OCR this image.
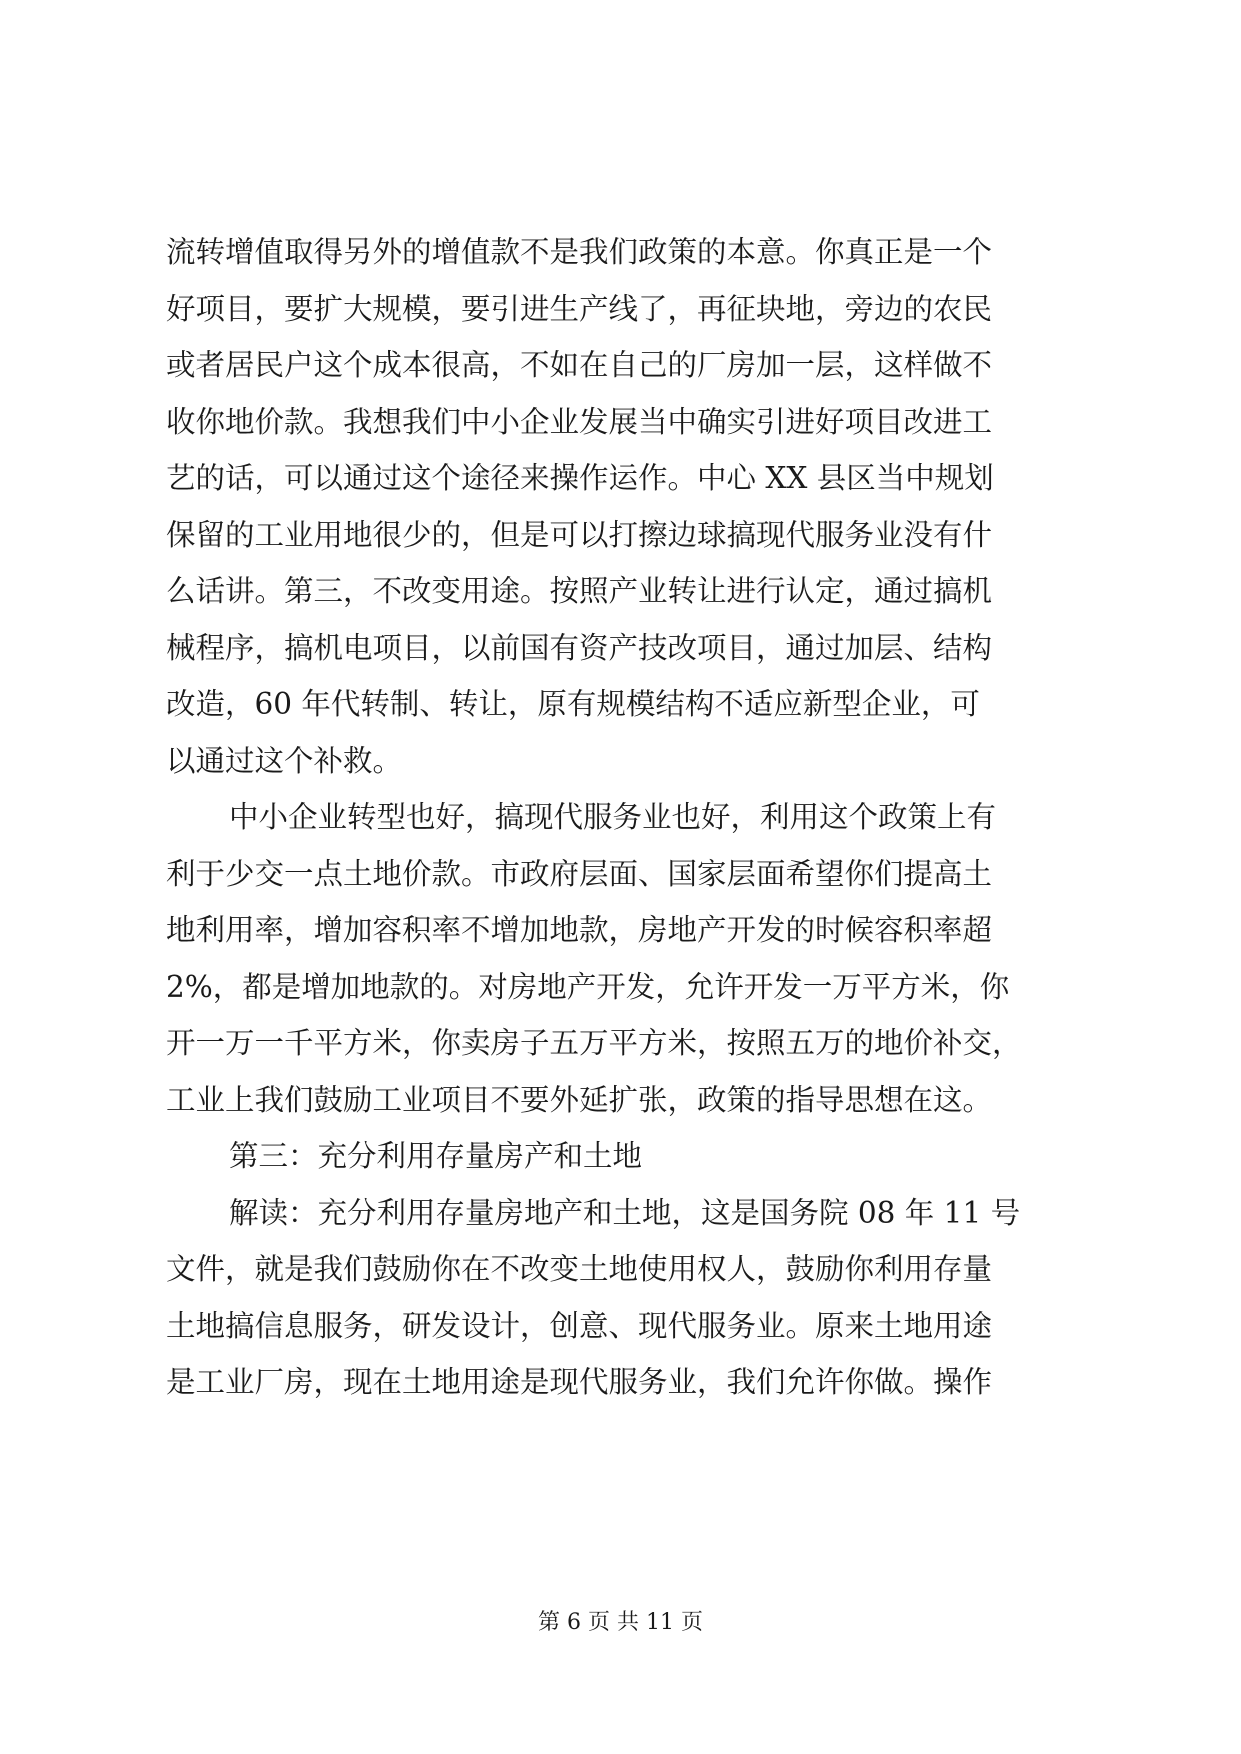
流转增值取得另外的增值款不是我们政策的本意。你真正是一个
好项目，要扩大规模，要引进生产线了，再征块地，旁边的农民
或者居民户这个成本很高，不如在自己的厂房加一层，这样做不
收你地价款。我想我们中小企业发展当中确实引进好项目改进工
艺的话，可以通过这个途径来操作运作。中心 XX 县区当中规划
保留的工业用地很少的，但是可以打擦边球搞现代服务业没有什
么话讲。第三，不改变用途。按照产业转让进行认定，通过搞机
械程序，搞机电项目，以前国有资产技改项目，通过加层、结构
改造，60 年代转制、转让，原有规模结构不适应新型企业，可
以通过这个补救。
中小企业转型也好，搞现代服务业也好，利用这个政策上有
利于少交一点土地价款。市政府层面、国家层面希望你们提高土
地利用率，增加容积率不增加地款，房地产开发的时候容积率超
2%，都是增加地款的。对房地产开发，允许开发一万平方米，你
开一万一千平方米，你卖房子五万平方米，按照五万的地价补交，
工业上我们鼓励工业项目不要外延扩张，政策的指导思想在这。
第三：充分利用存量房产和土地
解读：充分利用存量房地产和土地，这是国务院 08 年 11 号
文件，就是我们鼓励你在不改变土地使用权人，鼓励你利用存量
土地搞信息服务，研发设计，创意、现代服务业。原来土地用途
是工业厂房，现在土地用途是现代服务业，我们允许你做。操作
第 6 页 共 11 页
